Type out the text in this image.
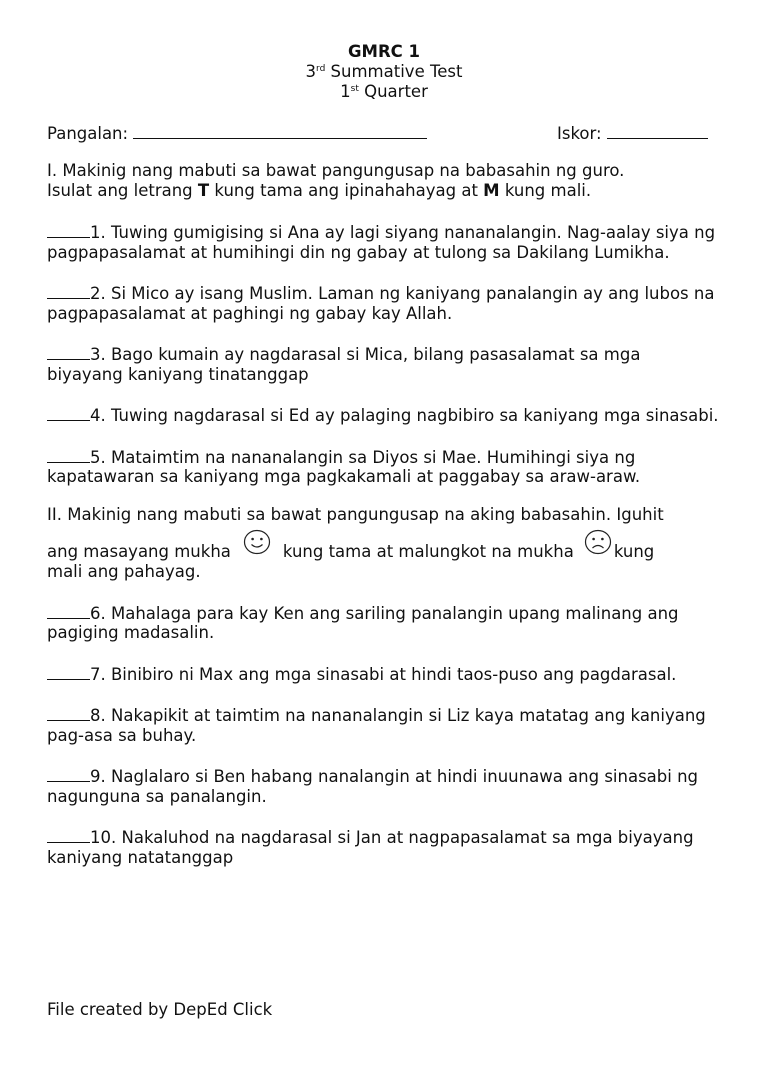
GMRC 1
3rd Summative Test
1st Quarter
Pangalan:	Iskor:
I. Makinig nang mabuti sa bawat pangungusap na babasahin ng guro.
Isulat ang letrang T kung tama ang ipinahahayag at M kung mali.
1. Tuwing gumigising si Ana ay lagi siyang nananalangin. Nag-aalay siya ng pagpapasalamat at humihingi din ng gabay at tulong sa Dakilang Lumikha.
2. Si Mico ay isang Muslim. Laman ng kaniyang panalangin ay ang lubos na pagpapasalamat at paghingi ng gabay kay Allah.
3. Bago kumain ay nagdarasal si Mica, bilang pasasalamat sa mga biyayang kaniyang tinatanggap
4. Tuwing nagdarasal si Ed ay palaging nagbibiro sa kaniyang mga sinasabi.
5. Mataimtim na nananalangin sa Diyos si Mae. Humihingi siya ng kapatawaran sa kaniyang mga pagkakamali at paggabay sa araw-araw.
II. Makinig nang mabuti sa bawat pangungusap na aking babasahin. Iguhit
ang masayang mukha	kung tama at malungkot na mukha kung
mali ang pahayag.
6. Mahalaga para kay Ken ang sariling panalangin upang malinang ang pagiging madasalin.
7. Binibiro ni Max ang mga sinasabi at hindi taos-puso ang pagdarasal.
8. Nakapikit at taimtim na nananalangin si Liz kaya matatag ang kaniyang pag-asa sa buhay.
9. Naglalaro si Ben habang nanalangin at hindi inuunawa ang sinasabi ng nagunguna sa panalangin.
10. Nakaluhod na nagdarasal si Jan at nagpapasalamat sa mga biyayang kaniyang natatanggap
File created by DepEd Click
